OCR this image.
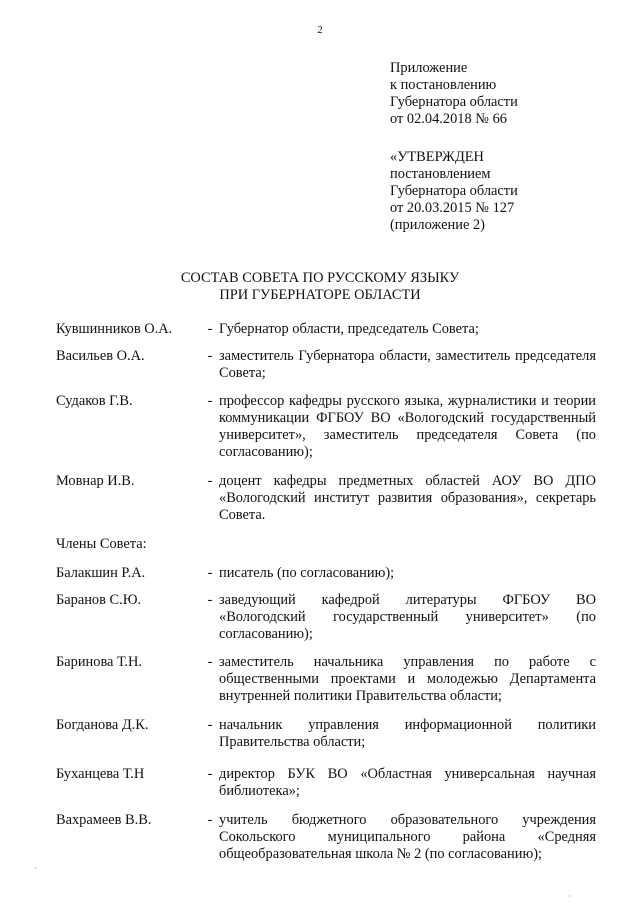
2
Приложение
к постановлению
Губернатора области
от 02.04.2018 № 66
«УТВЕРЖДЕН
постановлением
Губернатора области
от 20.03.2015 № 127
(приложение 2)
СОСТАВ СОВЕТА ПО РУССКОМУ ЯЗЫКУ
ПРИ ГУБЕРНАТОРЕ ОБЛАСТИ
Кувшинников О.А.	- Губернатор области, председатель Совета;
Васильев О.А.	- заместитель Губернатора области, заместитель председателя Совета;
Судаков Г.В.	- профессор кафедры русского языка, журналистики и теории коммуникации ФГБОУ ВО «Вологодский государственный университет», заместитель председателя Совета (по согласованию);
Мовнар И.В.	- доцент кафедры предметных областей АОУ ВО ДПО «Вологодский институт развития образования», секретарь Совета.
Члены Совета:
Балакшин Р.А.	- писатель (по согласованию);
Баранов С.Ю.	- заведующий кафедрой литературы ФГБОУ ВО «Вологодский государственный университет» (по согласованию);
Баринова Т.Н.	- заместитель начальника управления по работе с общественными проектами и молодежью Департамента внутренней политики Правительства области;
Богданова Д.К.	- начальник управления информационной политики Правительства области;
Буханцева Т.Н	- директор БУК ВО «Областная универсальная научная библиотека»;
Вахрамеев В.В.	- учитель бюджетного образовательного учреждения Сокольского муниципального района «Средняя общеобразовательная школа № 2 (по согласованию);
·
·
